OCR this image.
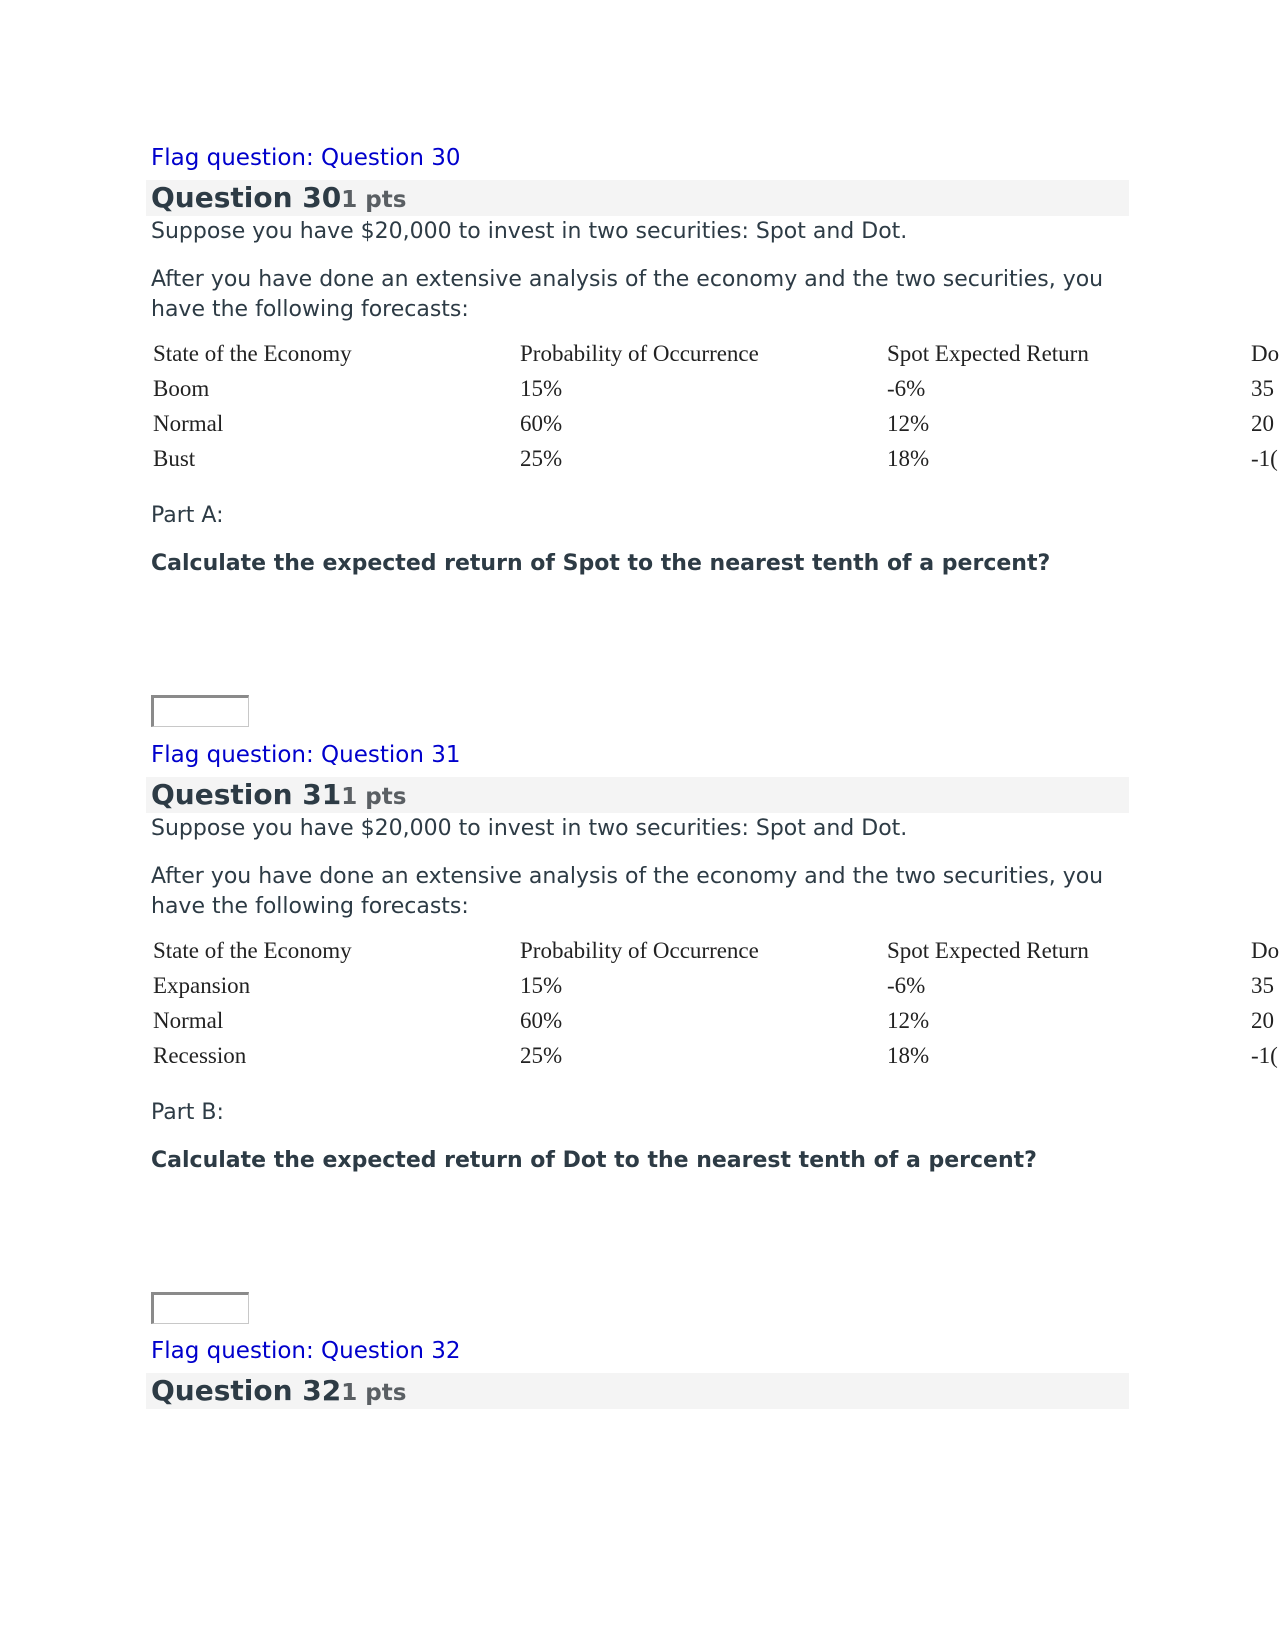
Flag question: Question 30
Question 301 pts
Suppose you have $20,000 to invest in two securities: Spot and Dot.
After you have done an extensive analysis of the economy and the two securities, you have the following forecasts:
State of the Economy	Probability of Occurrence	Spot Expected Return	Do
Boom	15%	-6%	35
Normal	60%	12%	20
Bust	25%	18%	-1(
Part A:
Calculate the expected return of Spot to the nearest tenth of a percent?
Flag question: Question 31
Question 311 pts
Suppose you have $20,000 to invest in two securities: Spot and Dot.
After you have done an extensive analysis of the economy and the two securities, you have the following forecasts:
State of the Economy	Probability of Occurrence	Spot Expected Return	Do
Expansion	15%	-6%	35
Normal	60%	12%	20
Recession	25%	18%	-1(
Part B:
Calculate the expected return of Dot to the nearest tenth of a percent?
Flag question: Question 32
Question 321 pts
